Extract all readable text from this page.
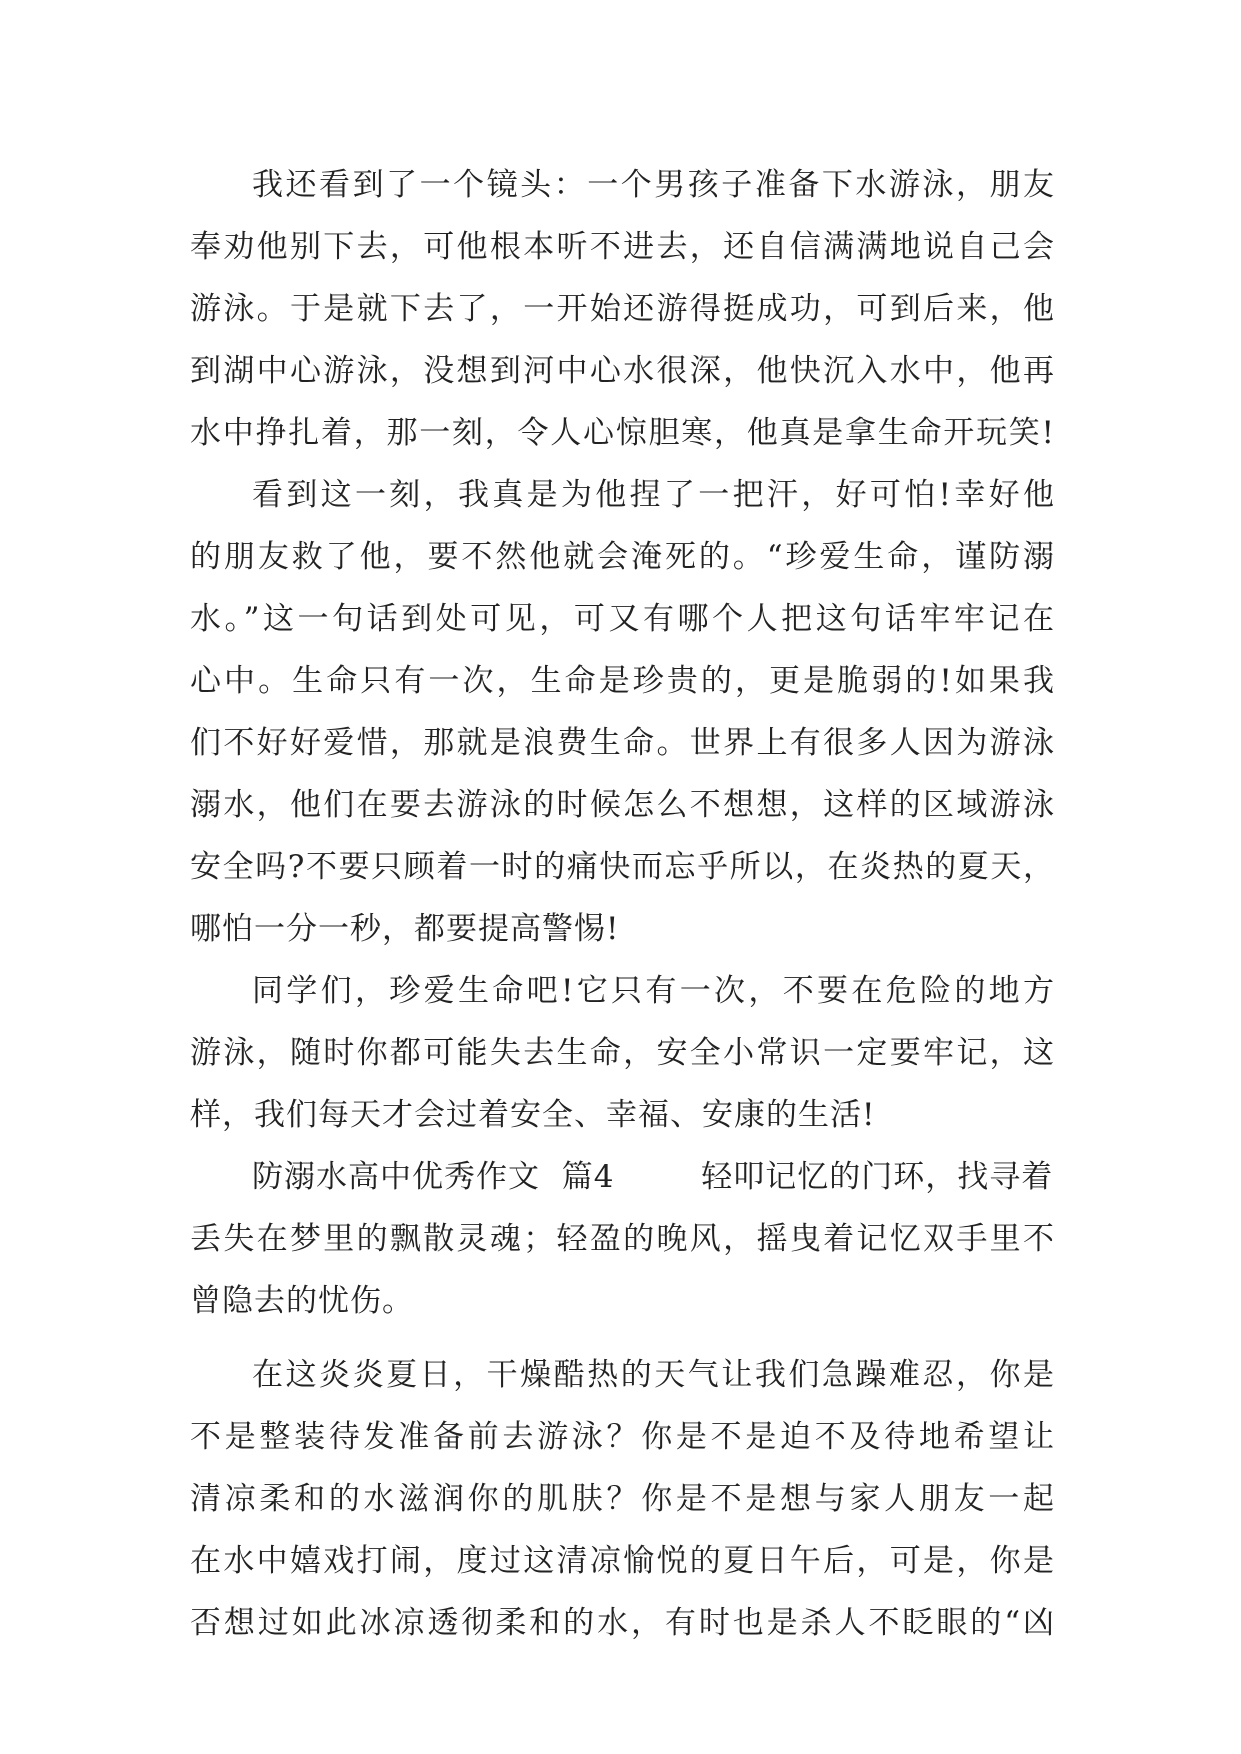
我还看到了一个镜头：一个男孩子准备下水游泳，朋友
奉劝他别下去，可他根本听不进去，还自信满满地说自己会
游泳。于是就下去了，一开始还游得挺成功，可到后来，他
到湖中心游泳，没想到河中心水很深，他快沉入水中，他再
水中挣扎着，那一刻，令人心惊胆寒，他真是拿生命开玩笑!
看到这一刻，我真是为他捏了一把汗，好可怕!幸好他
的朋友救了他，要不然他就会淹死的。“珍爱生命，谨防溺
水。”这一句话到处可见，可又有哪个人把这句话牢牢记在
心中。生命只有一次，生命是珍贵的，更是脆弱的!如果我
们不好好爱惜，那就是浪费生命。世界上有很多人因为游泳
溺水，他们在要去游泳的时候怎么不想想，这样的区域游泳
安全吗?不要只顾着一时的痛快而忘乎所以，在炎热的夏天，
哪怕一分一秒，都要提高警惕!
同学们，珍爱生命吧!它只有一次，不要在危险的地方
游泳，随时你都可能失去生命，安全小常识一定要牢记，这
样，我们每天才会过着安全、幸福、安康的生活!
防溺水高中优秀作文  篇4        轻叩记忆的门环，找寻着
丢失在梦里的飘散灵魂；轻盈的晚风，摇曳着记忆双手里不
曾隐去的忧伤。
在这炎炎夏日，干燥酷热的天气让我们急躁难忍，你是
不是整装待发准备前去游泳？你是不是迫不及待地希望让
清凉柔和的水滋润你的肌肤？你是不是想与家人朋友一起
在水中嬉戏打闹，度过这清凉愉悦的夏日午后，可是，你是
否想过如此冰凉透彻柔和的水，有时也是杀人不眨眼的“凶
